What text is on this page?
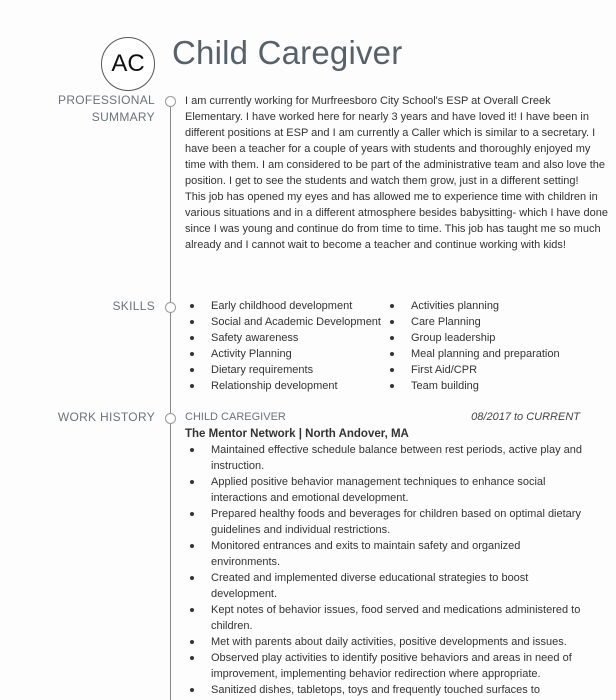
AC Child Caregiver
PROFESSIONAL SUMMARY

I am currently working for Murfreesboro City School's ESP at Overall Creek Elementary. I have worked here for nearly 3 years and have loved it! I have been in different positions at ESP and I am currently a Caller which is similar to a secretary. I have been a teacher for a couple of years with students and thoroughly enjoyed my time with them. I am considered to be part of the administrative team and also love the position. I get to see the students and watch them grow, just in a different setting!

This job has opened my eyes and has allowed me to experience time with children in various situations and in a different atmosphere besides babysitting- which I have done since I was young and continue do from time to time. This job has taught me so much already and I cannot wait to become a teacher and continue working with kids!

SKILLS	Early childhood development
Social and Academic Development
Safety awareness
Activity Planning
Dietary requirements
Relationship development
Activities planning
Care Planning
Group leadership
Meal planning and preparation
First Aid/CPR
Team building
WORK HISTORY	CHILD CAREGIVER	08/2017 to CURRENT
The Mentor Network | North Andover, MA
Maintained effective schedule balance between rest periods, active play and instruction.
Applied positive behavior management techniques to enhance social interactions and emotional development.
Prepared healthy foods and beverages for children based on optimal dietary guidelines and individual restrictions.
Monitored entrances and exits to maintain safety and organized environments.
Created and implemented diverse educational strategies to boost development.
Kept notes of behavior issues, food served and medications administered to children.
Met with parents about daily activities, positive developments and issues.
Observed play activities to identify positive behaviors and areas in need of improvement, implementing behavior redirection where appropriate.
Sanitized dishes, tabletops, toys and frequently touched surfaces to
